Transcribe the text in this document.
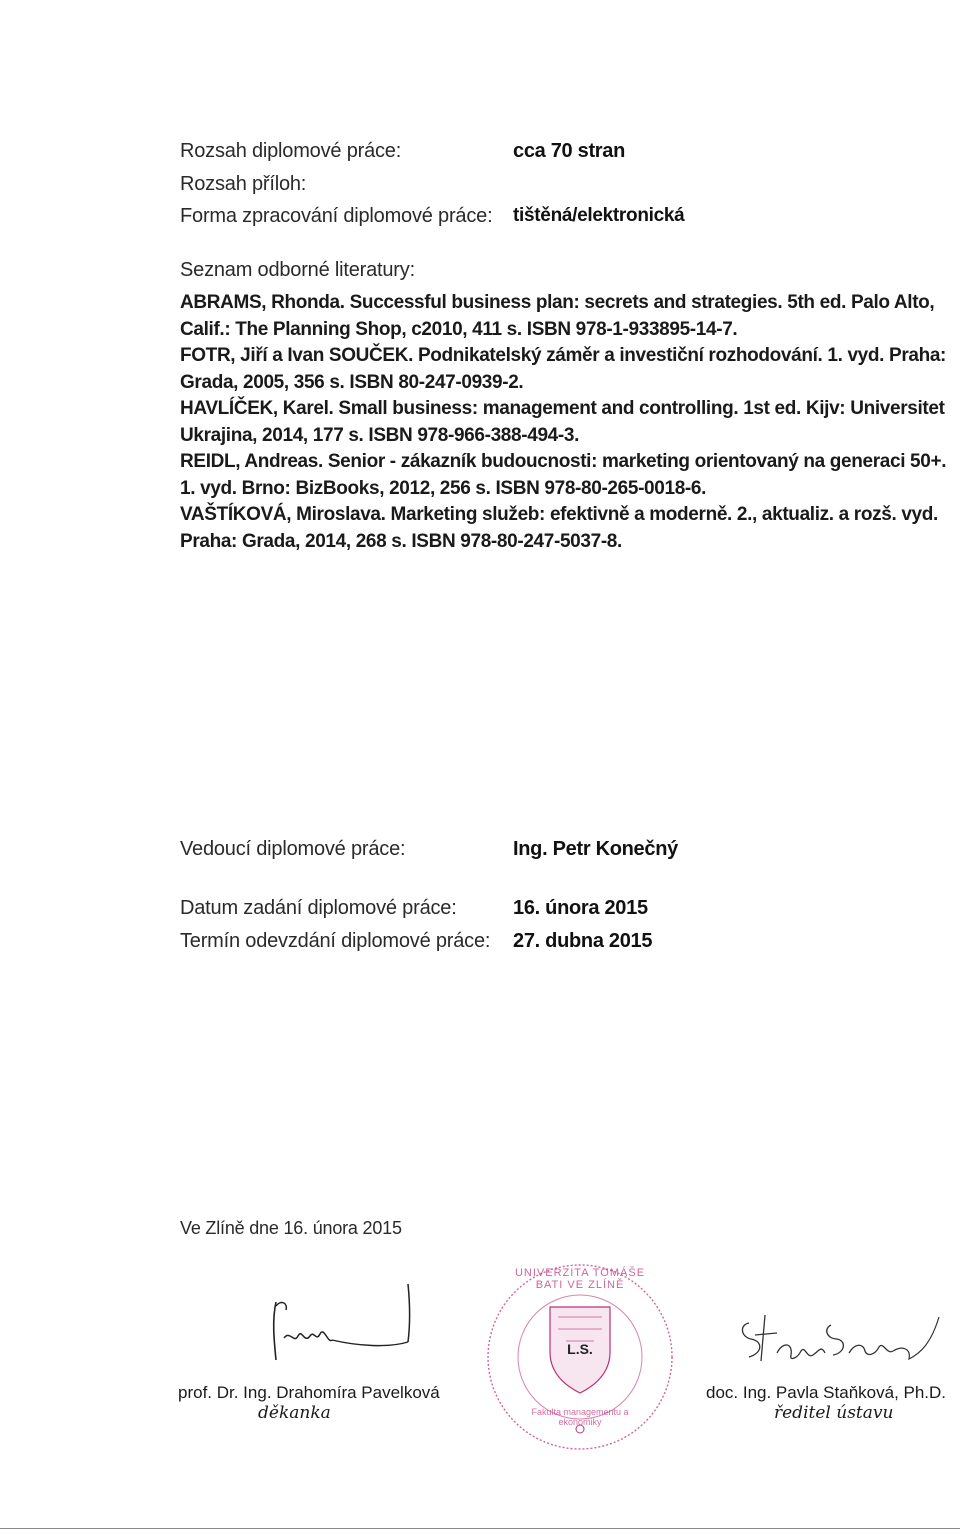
Rozsah diplomové práce:	cca 70 stran
Rozsah příloh:
Forma zpracování diplomové práce: tištěná/elektronická
Seznam odborné literatury:
ABRAMS, Rhonda. Successful business plan: secrets and strategies. 5th ed. Palo Alto,
Calif.: The Planning Shop, c2010, 411 s. ISBN 978-1-933895-14-7.
FOTR, Jiří a Ivan SOUČEK. Podnikatelský záměr a investiční rozhodování. 1. vyd. Praha:
Grada, 2005, 356 s. ISBN 80-247-0939-2.
HAVLÍČEK, Karel. Small business: management and controlling. 1st ed. Kijv: Universitet
Ukrajina, 2014, 177 s. ISBN 978-966-388-494-3.
REIDL, Andreas. Senior - zákazník budoucnosti: marketing orientovaný na generaci 50+.
1. vyd. Brno: BizBooks, 2012, 256 s. ISBN 978-80-265-0018-6.
VAŠTÍKOVÁ, Miroslava. Marketing služeb: efektivně a moderně. 2., aktualiz. a rozš. vyd.
Praha: Grada, 2014, 268 s. ISBN 978-80-247-5037-8.
Vedoucí diplomové práce:	Ing. Petr Konečný
Datum zadání diplomové práce:	16. února 2015
Termín odevzdání diplomové práce: 27. dubna 2015
Ve Zlíně dne 16. února 2015
prof. Dr. Ing. Drahomíra Pavelková
děkanka
UNIVERZITA TOMÁŠE BATI VE ZLÍNĚ
Fakulta managementu a ekonomiky
L.S.
doc. Ing. Pavla Staňková, Ph.D.
ředitel ústavu
